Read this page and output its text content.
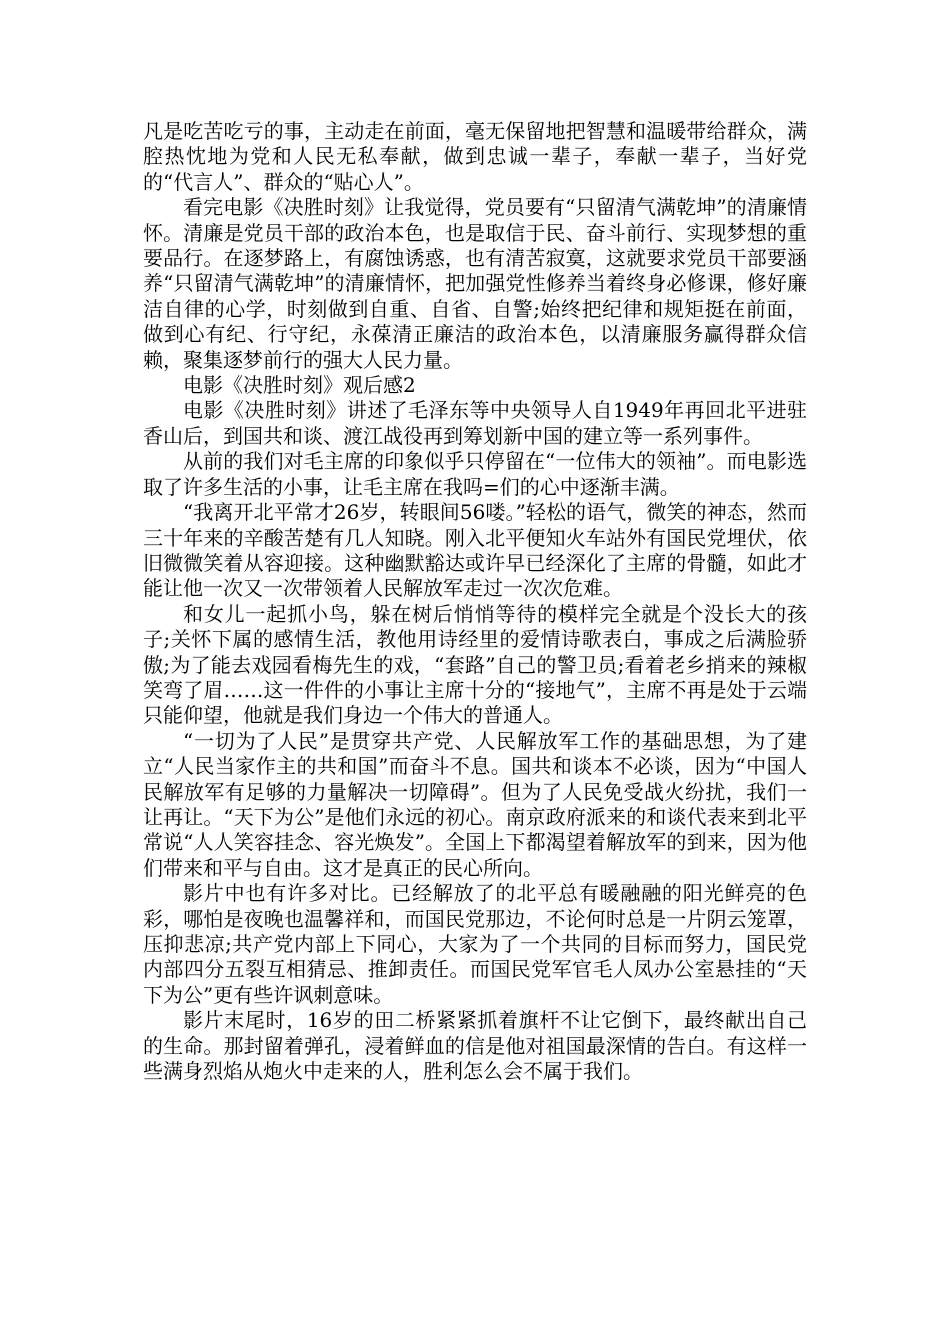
凡是吃苦吃亏的事，主动走在前面，毫无保留地把智慧和温暖带给群众，满腔热忱地为党和人民无私奉献，做到忠诚一辈子，奉献一辈子，当好党的“代言人”、群众的“贴心人”。

看完电影《决胜时刻》让我觉得，党员要有“只留清气满乾坤”的清廉情怀。清廉是党员干部的政治本色，也是取信于民、奋斗前行、实现梦想的重要品行。在逐梦路上，有腐蚀诱惑，也有清苦寂寞，这就要求党员干部要涵养“只留清气满乾坤”的清廉情怀，把加强党性修养当着终身必修课，修好廉洁自律的心学，时刻做到自重、自省、自警;始终把纪律和规矩挺在前面，做到心有纪、行守纪，永葆清正廉洁的政治本色，以清廉服务赢得群众信赖，聚集逐梦前行的强大人民力量。

电影《决胜时刻》观后感2

电影《决胜时刻》讲述了毛泽东等中央领导人自1949年再回北平进驻香山后，到国共和谈、渡江战役再到筹划新中国的建立等一系列事件。

从前的我们对毛主席的印象似乎只停留在“一位伟大的领袖”。而电影选取了许多生活的小事，让毛主席在我吗=们的心中逐渐丰满。

“我离开北平常才26岁，转眼间56喽。”轻松的语气，微笑的神态，然而三十年来的辛酸苦楚有几人知晓。刚入北平便知火车站外有国民党埋伏，依旧微微笑着从容迎接。这种幽默豁达或许早已经深化了主席的骨髓，如此才能让他一次又一次带领着人民解放军走过一次次危难。

和女儿一起抓小鸟，躲在树后悄悄等待的模样完全就是个没长大的孩子;关怀下属的感情生活，教他用诗经里的爱情诗歌表白，事成之后满脸骄傲;为了能去戏园看梅先生的戏，“套路”自己的警卫员;看着老乡捎来的辣椒笑弯了眉……这一件件的小事让主席十分的“接地气”，主席不再是处于云端只能仰望，他就是我们身边一个伟大的普通人。

“一切为了人民”是贯穿共产党、人民解放军工作的基础思想，为了建立“人民当家作主的共和国”而奋斗不息。国共和谈本不必谈，因为“中国人民解放军有足够的力量解决一切障碍”。但为了人民免受战火纷扰，我们一让再让。“天下为公”是他们永远的初心。南京政府派来的和谈代表来到北平常说“人人笑容挂念、容光焕发”。全国上下都渴望着解放军的到来，因为他们带来和平与自由。这才是真正的民心所向。

影片中也有许多对比。已经解放了的北平总有暖融融的阳光鲜亮的色彩，哪怕是夜晚也温馨祥和，而国民党那边，不论何时总是一片阴云笼罩，压抑悲凉;共产党内部上下同心，大家为了一个共同的目标而努力，国民党内部四分五裂互相猜忌、推卸责任。而国民党军官毛人凤办公室悬挂的“天下为公”更有些许讽刺意味。

影片末尾时，16岁的田二桥紧紧抓着旗杆不让它倒下，最终献出自己的生命。那封留着弹孔，浸着鲜血的信是他对祖国最深情的告白。有这样一些满身烈焰从炮火中走来的人，胜利怎么会不属于我们。
